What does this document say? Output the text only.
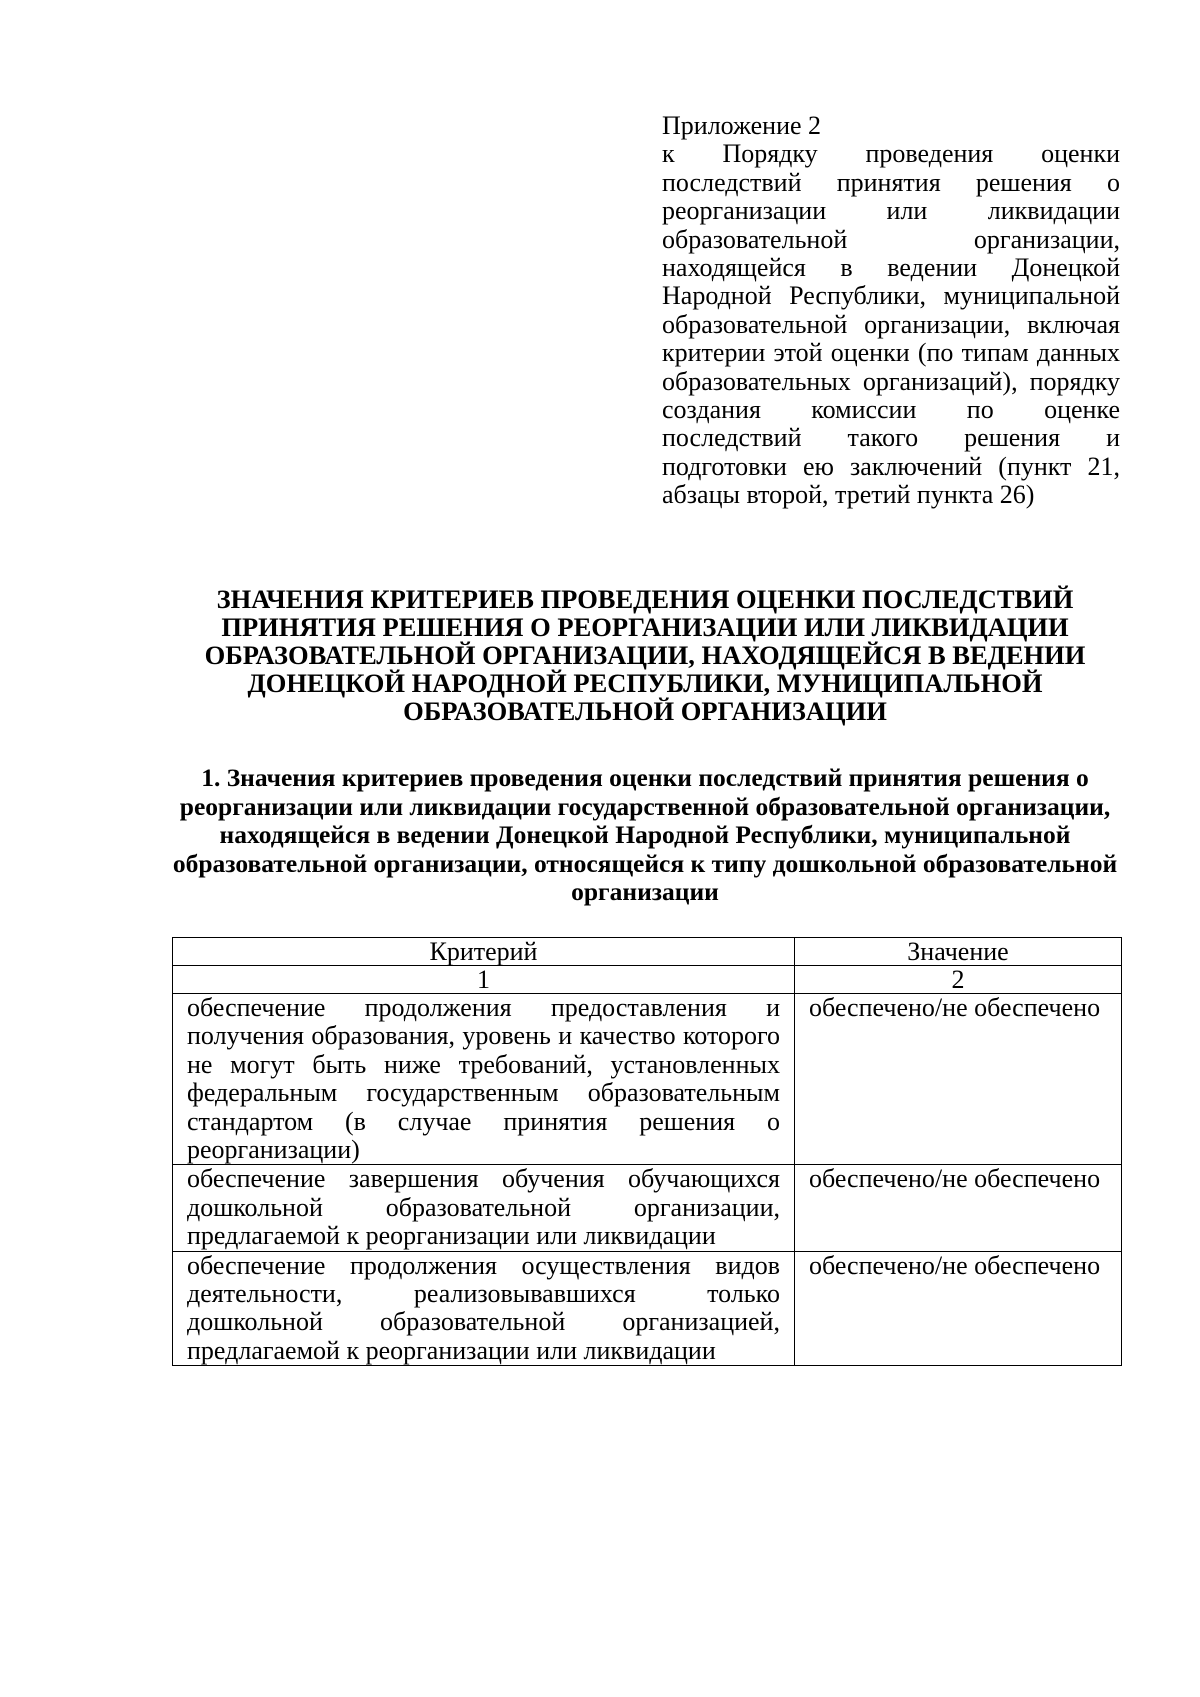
Приложение 2
к Порядку проведения оценки последствий принятия решения о реорганизации или ликвидации образовательной организации, находящейся в ведении Донецкой Народной Республики, муниципальной образовательной организации, включая критерии этой оценки (по типам данных образовательных организаций), порядку создания комиссии по оценке последствий такого решения и подготовки ею заключений (пункт 21, абзацы второй, третий пункта 26)
ЗНАЧЕНИЯ КРИТЕРИЕВ ПРОВЕДЕНИЯ ОЦЕНКИ ПОСЛЕДСТВИЙ ПРИНЯТИЯ РЕШЕНИЯ О РЕОРГАНИЗАЦИИ ИЛИ ЛИКВИДАЦИИ ОБРАЗОВАТЕЛЬНОЙ ОРГАНИЗАЦИИ, НАХОДЯЩЕЙСЯ В ВЕДЕНИИ ДОНЕЦКОЙ НАРОДНОЙ РЕСПУБЛИКИ, МУНИЦИПАЛЬНОЙ ОБРАЗОВАТЕЛЬНОЙ ОРГАНИЗАЦИИ
1. Значения критериев проведения оценки последствий принятия решения о реорганизации или ликвидации государственной образовательной организации, находящейся в ведении Донецкой Народной Республики, муниципальной образовательной организации, относящейся к типу дошкольной образовательной организации
Критерий	Значение
1	2
обеспечение продолжения предоставления и получения образования, уровень и качество которого не могут быть ниже требований, установленных федеральным государственным образовательным стандартом (в случае принятия решения о реорганизации)	обеспечено/не обеспечено
обеспечение завершения обучения обучающихся дошкольной образовательной организации, предлагаемой к реорганизации или ликвидации	обеспечено/не обеспечено
обеспечение продолжения осуществления видов деятельности, реализовывавшихся только дошкольной образовательной организацией, предлагаемой к реорганизации или ликвидации	обеспечено/не обеспечено
